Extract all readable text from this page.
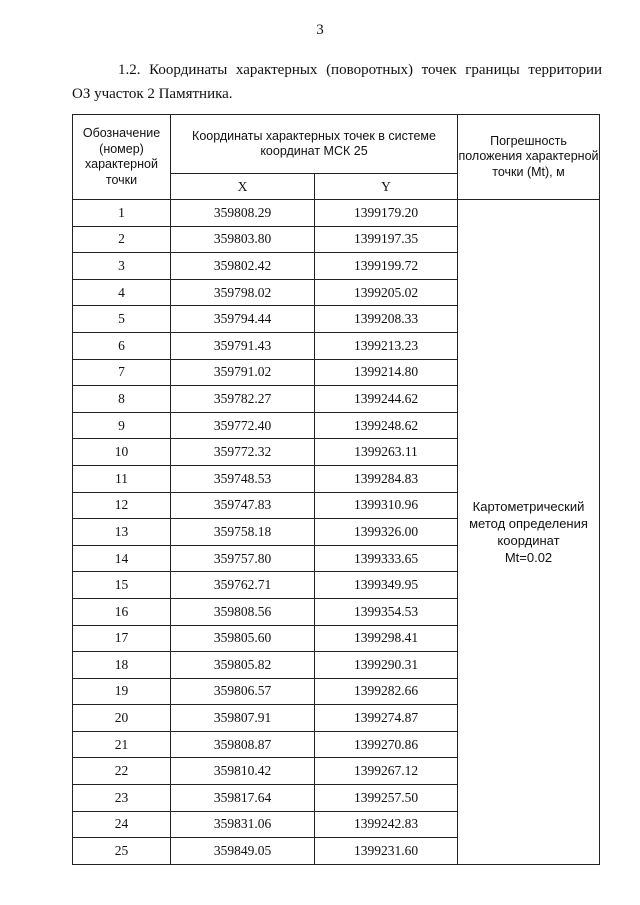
3
1.2. Координаты характерных (поворотных) точек границы территории
ОЗ участок 2 Памятника.
Обозначение (номер) характерной точки	Координаты характерных точек в системе координат МСК 25		Погрешность положения характерной точки (Mt), м
	X	Y	
1	359808.29	1399179.20	Картометрический
метод определения
координат
Mt=0.02

2	359803.80	1399197.35	
3	359802.42	1399199.72	
4	359798.02	1399205.02	
5	359794.44	1399208.33	
6	359791.43	1399213.23	
7	359791.02	1399214.80	
8	359782.27	1399244.62	
9	359772.40	1399248.62	
10	359772.32	1399263.11	
11	359748.53	1399284.83	
12	359747.83	1399310.96	
13	359758.18	1399326.00	
14	359757.80	1399333.65	
15	359762.71	1399349.95	
16	359808.56	1399354.53	
17	359805.60	1399298.41	
18	359805.82	1399290.31	
19	359806.57	1399282.66	
20	359807.91	1399274.87	
21	359808.87	1399270.86	
22	359810.42	1399267.12	
23	359817.64	1399257.50	
24	359831.06	1399242.83	
25	359849.05	1399231.60	
